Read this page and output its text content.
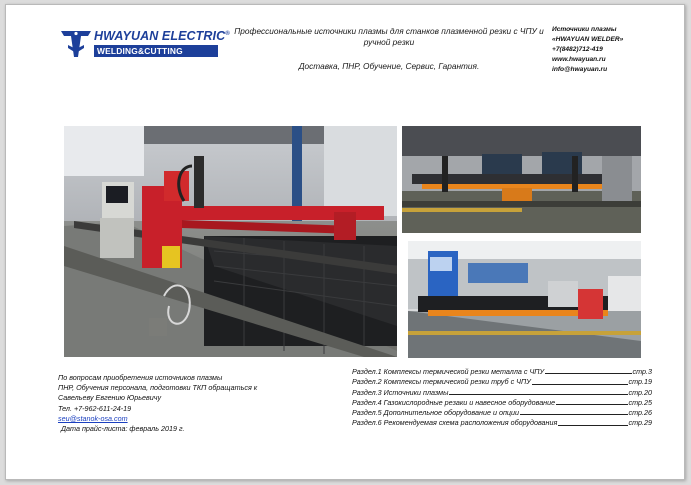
HWAYUAN ELECTRIC®
WELDING&CUTTING
Профессиональные источники плазмы для станков плазменной резки с ЧПУ и ручной резки
Доставка, ПНР, Обучение, Сервис, Гарантия.
Источники плазмы
«HWAYUAN WELDER»
+7(8482)712-419
www.hwayuan.ru
info@hwayuan.ru
По вопросам приобретения источников плазмы
ПНР, Обучения персонала, подготовки ТКП обращаться к
Савельеву Евгению Юрьевичу
Тел. +7-962-611-24-19
seu@stanok-osa.com
Дата прайс-листа: февраль 2019 г.
Раздел.1 Комплексы термической резки металла с ЧПУ	стр.3
Раздел.2 Комплексы термической резки труб с ЧПУ	стр.19
Раздел.3 Источники плазмы	стр.20
Раздел.4 Газокислородные резаки и навесное оборудование	стр.25
Раздел.5 Дополнительное оборудование и опции	стр.26
Раздел.6 Рекомендуемая схема расположения оборудования	стр.29
